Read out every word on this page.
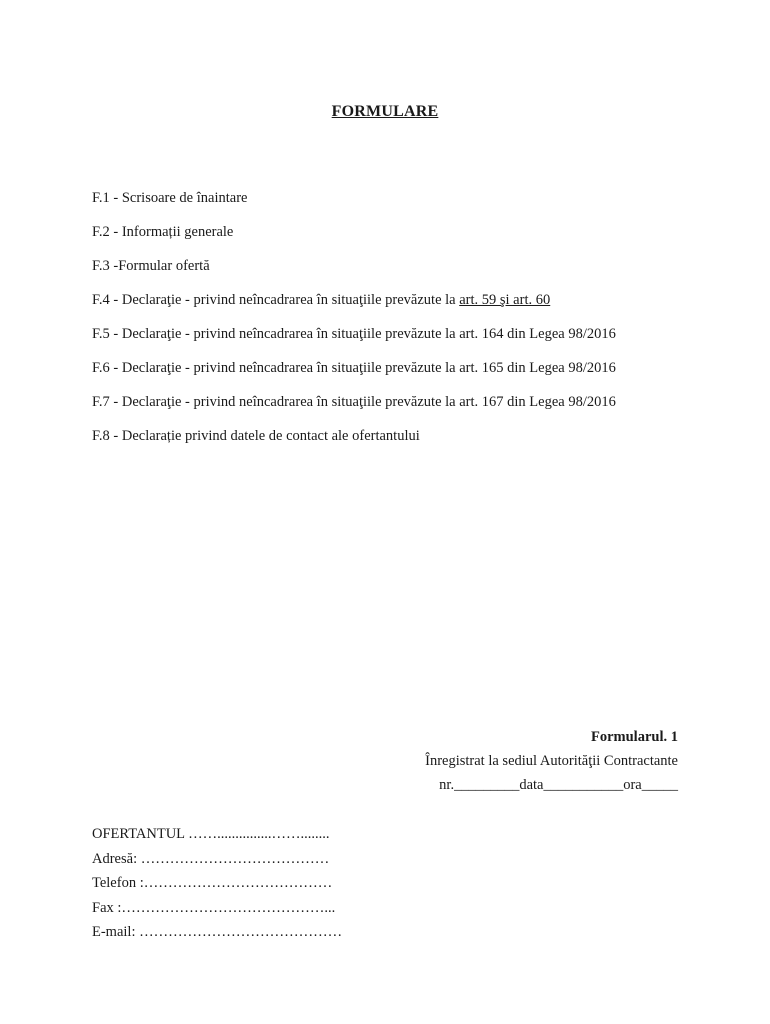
FORMULARE
F.1 - Scrisoare de înaintare
F.2 - Informații generale
F.3 -Formular ofertă
F.4 - Declaraţie - privind neîncadrarea în situaţiile prevăzute la art. 59 şi art. 60
F.5 - Declaraţie - privind neîncadrarea în situaţiile prevăzute la art. 164 din Legea 98/2016
F.6 - Declaraţie - privind neîncadrarea în situaţiile prevăzute la art. 165 din Legea 98/2016
F.7 - Declaraţie - privind neîncadrarea în situaţiile prevăzute la art. 167 din Legea 98/2016
F.8 - Declarație privind datele de contact ale ofertantului
Formularul. 1
Înregistrat la sediul Autorităţii Contractante
nr._________data___________ora_____
OFERTANTUL ……...............……........
Adresă: …………………………………
Telefon :…………………………………
Fax :……………………………………...
E-mail: ……………………………………
